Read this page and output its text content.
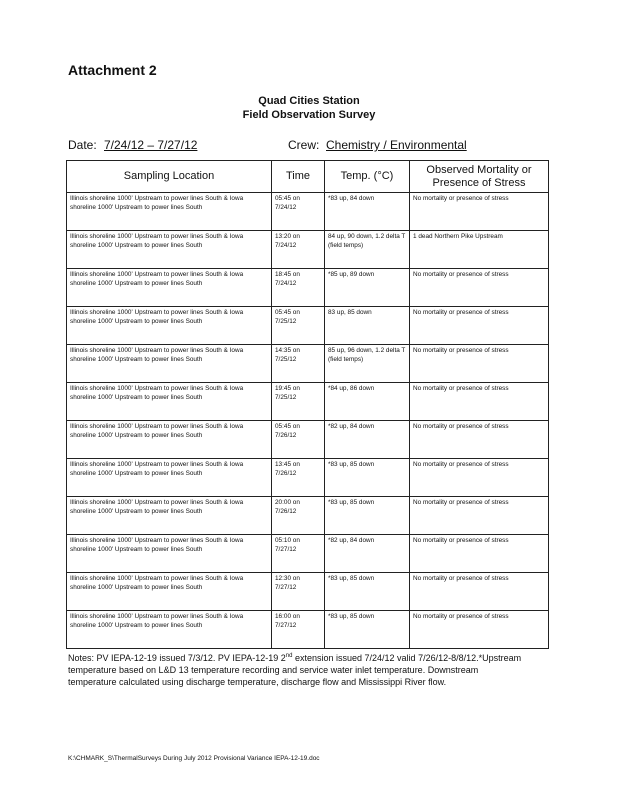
Attachment 2
Quad Cities Station
Field Observation Survey
Date: 7/24/12 – 7/27/12	Crew: Chemistry / Environmental
Sampling Location	Time	Temp. (°C)	Observed Mortality or Presence of Stress
Illinois shoreline 1000' Upstream to power lines South & Iowa shoreline 1000' Upstream to power lines South	05:45 on 7/24/12	*83 up, 84 down	No mortality or presence of stress
Illinois shoreline 1000' Upstream to power lines South & Iowa shoreline 1000' Upstream to power lines South	13:20 on 7/24/12	84 up, 90 down, 1.2 delta T (field temps)	1 dead Northern Pike Upstream
Illinois shoreline 1000' Upstream to power lines South & Iowa shoreline 1000' Upstream to power lines South	18:45 on 7/24/12	*85 up, 89 down	No mortality or presence of stress
Illinois shoreline 1000' Upstream to power lines South & Iowa shoreline 1000' Upstream to power lines South	05:45 on 7/25/12	83 up, 85 down	No mortality or presence of stress
Illinois shoreline 1000' Upstream to power lines South & Iowa shoreline 1000' Upstream to power lines South	14:35 on 7/25/12	85 up, 96 down, 1.2 delta T (field temps)	No mortality or presence of stress
Illinois shoreline 1000' Upstream to power lines South & Iowa shoreline 1000' Upstream to power lines South	19:45 on 7/25/12	*84 up, 86 down	No mortality or presence of stress
Illinois shoreline 1000' Upstream to power lines South & Iowa shoreline 1000' Upstream to power lines South	05:45 on 7/26/12	*82 up, 84 down	No mortality or presence of stress
Illinois shoreline 1000' Upstream to power lines South & Iowa shoreline 1000' Upstream to power lines South	13:45 on 7/26/12	*83 up, 85 down	No mortality or presence of stress
Illinois shoreline 1000' Upstream to power lines South & Iowa shoreline 1000' Upstream to power lines South	20:00 on 7/26/12	*83 up, 85 down	No mortality or presence of stress
Illinois shoreline 1000' Upstream to power lines South & Iowa shoreline 1000' Upstream to power lines South	05:10 on 7/27/12	*82 up, 84 down	No mortality or presence of stress
Illinois shoreline 1000' Upstream to power lines South & Iowa shoreline 1000' Upstream to power lines South	12:30 on 7/27/12	*83 up, 85 down	No mortality or presence of stress
Illinois shoreline 1000' Upstream to power lines South & Iowa shoreline 1000' Upstream to power lines South	16:00 on 7/27/12	*83 up, 85 down	No mortality or presence of stress
Notes: PV IEPA-12-19 issued 7/3/12. PV IEPA-12-19 2nd extension issued 7/24/12 valid 7/26/12-8/8/12.*Upstream temperature based on L&D 13 temperature recording and service water inlet temperature. Downstream temperature calculated using discharge temperature, discharge flow and Mississippi River flow.
K:\CHMARK_S\ThermalSurveys During July 2012 Provisional Variance IEPA-12-19.doc
